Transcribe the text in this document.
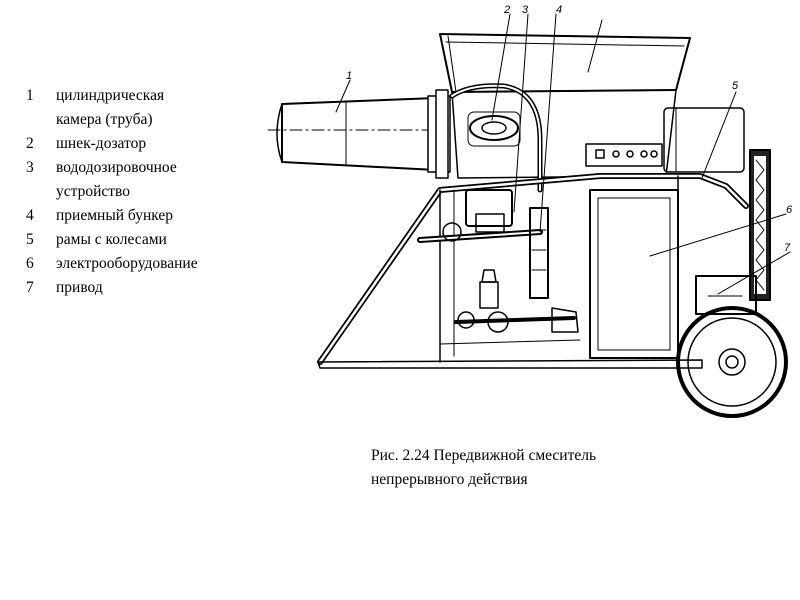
1	цилиндрическая
камера (труба)
2	шнек-дозатор
3	вододозировочное
устройство
4	приемный бункер
5	рамы с колесами
6	электрооборудование
7	привод
1
2 3	4
5
6
7
Рис. 2.24 Передвижной смеситель
непрерывного действия
